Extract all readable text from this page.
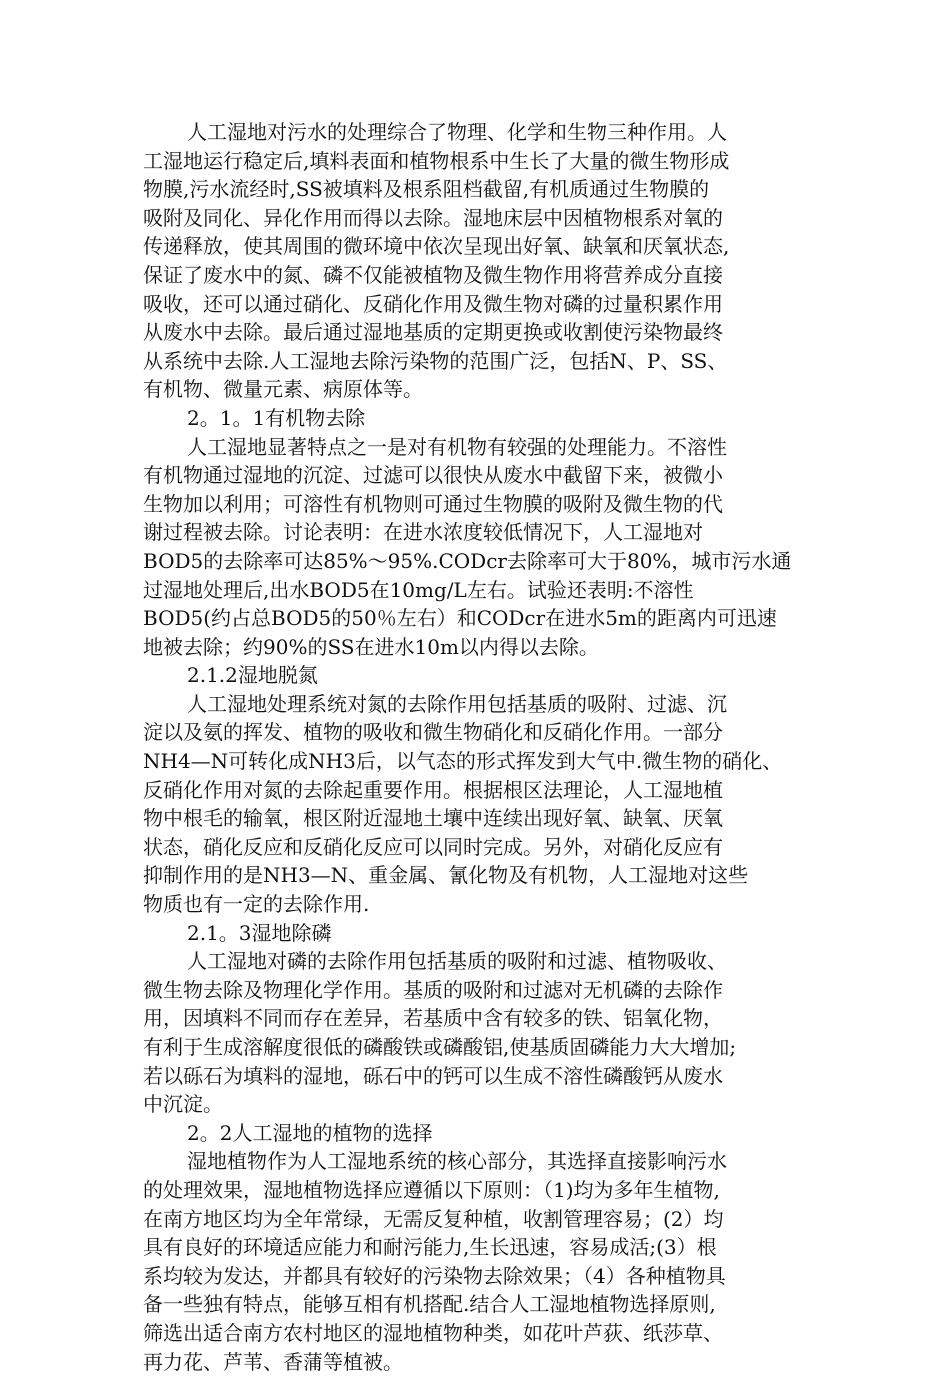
人工湿地对污水的处理综合了物理、化学和生物三种作用。人
工湿地运行稳定后,填料表面和植物根系中生长了大量的微生物形成
物膜,污水流经时,SS被填料及根系阻档截留,有机质通过生物膜的
吸附及同化、异化作用而得以去除。湿地床层中因植物根系对氧的
传递释放，使其周围的微环境中依次呈现出好氧、缺氧和厌氧状态,
保证了废水中的氮、磷不仅能被植物及微生物作用将营养成分直接
吸收，还可以通过硝化、反硝化作用及微生物对磷的过量积累作用
从废水中去除。最后通过湿地基质的定期更换或收割使污染物最终
从系统中去除.人工湿地去除污染物的范围广泛，包括N、P、SS、
有机物、微量元素、病原体等。
2。1。1有机物去除
人工湿地显著特点之一是对有机物有较强的处理能力。不溶性
有机物通过湿地的沉淀、过滤可以很快从废水中截留下来，被微小
生物加以利用；可溶性有机物则可通过生物膜的吸附及微生物的代
谢过程被去除。讨论表明：在进水浓度较低情况下，人工湿地对
BOD5的去除率可达85%～95%.CODcr去除率可大于80%，城市污水通
过湿地处理后,出水BOD5在10mg/L左右。试验还表明:不溶性
BOD5(约占总BOD5的50％左右）和CODcr在进水5m的距离内可迅速
地被去除；约90%的SS在进水10m以内得以去除。
2.1.2湿地脱氮
人工湿地处理系统对氮的去除作用包括基质的吸附、过滤、沉
淀以及氨的挥发、植物的吸收和微生物硝化和反硝化作用。一部分
NH4—N可转化成NH3后，以气态的形式挥发到大气中.微生物的硝化、
反硝化作用对氮的去除起重要作用。根据根区法理论，人工湿地植
物中根毛的输氧，根区附近湿地土壤中连续出现好氧、缺氧、厌氧
状态，硝化反应和反硝化反应可以同时完成。另外，对硝化反应有
抑制作用的是NH3—N、重金属、氰化物及有机物，人工湿地对这些
物质也有一定的去除作用.
2.1。3湿地除磷
人工湿地对磷的去除作用包括基质的吸附和过滤、植物吸收、
微生物去除及物理化学作用。基质的吸附和过滤对无机磷的去除作
用，因填料不同而存在差异，若基质中含有较多的铁、铝氧化物，
有利于生成溶解度很低的磷酸铁或磷酸铝,使基质固磷能力大大增加;
若以砾石为填料的湿地，砾石中的钙可以生成不溶性磷酸钙从废水
中沉淀。
2。2人工湿地的植物的选择
湿地植物作为人工湿地系统的核心部分，其选择直接影响污水
的处理效果，湿地植物选择应遵循以下原则：（1)均为多年生植物,
在南方地区均为全年常绿，无需反复种植，收割管理容易；(2）均
具有良好的环境适应能力和耐污能力,生长迅速，容易成活;(3）根
系均较为发达，并都具有较好的污染物去除效果；（4）各种植物具
备一些独有特点，能够互相有机搭配.结合人工湿地植物选择原则,
筛选出适合南方农村地区的湿地植物种类，如花叶芦荻、纸莎草、
再力花、芦苇、香蒲等植被。
